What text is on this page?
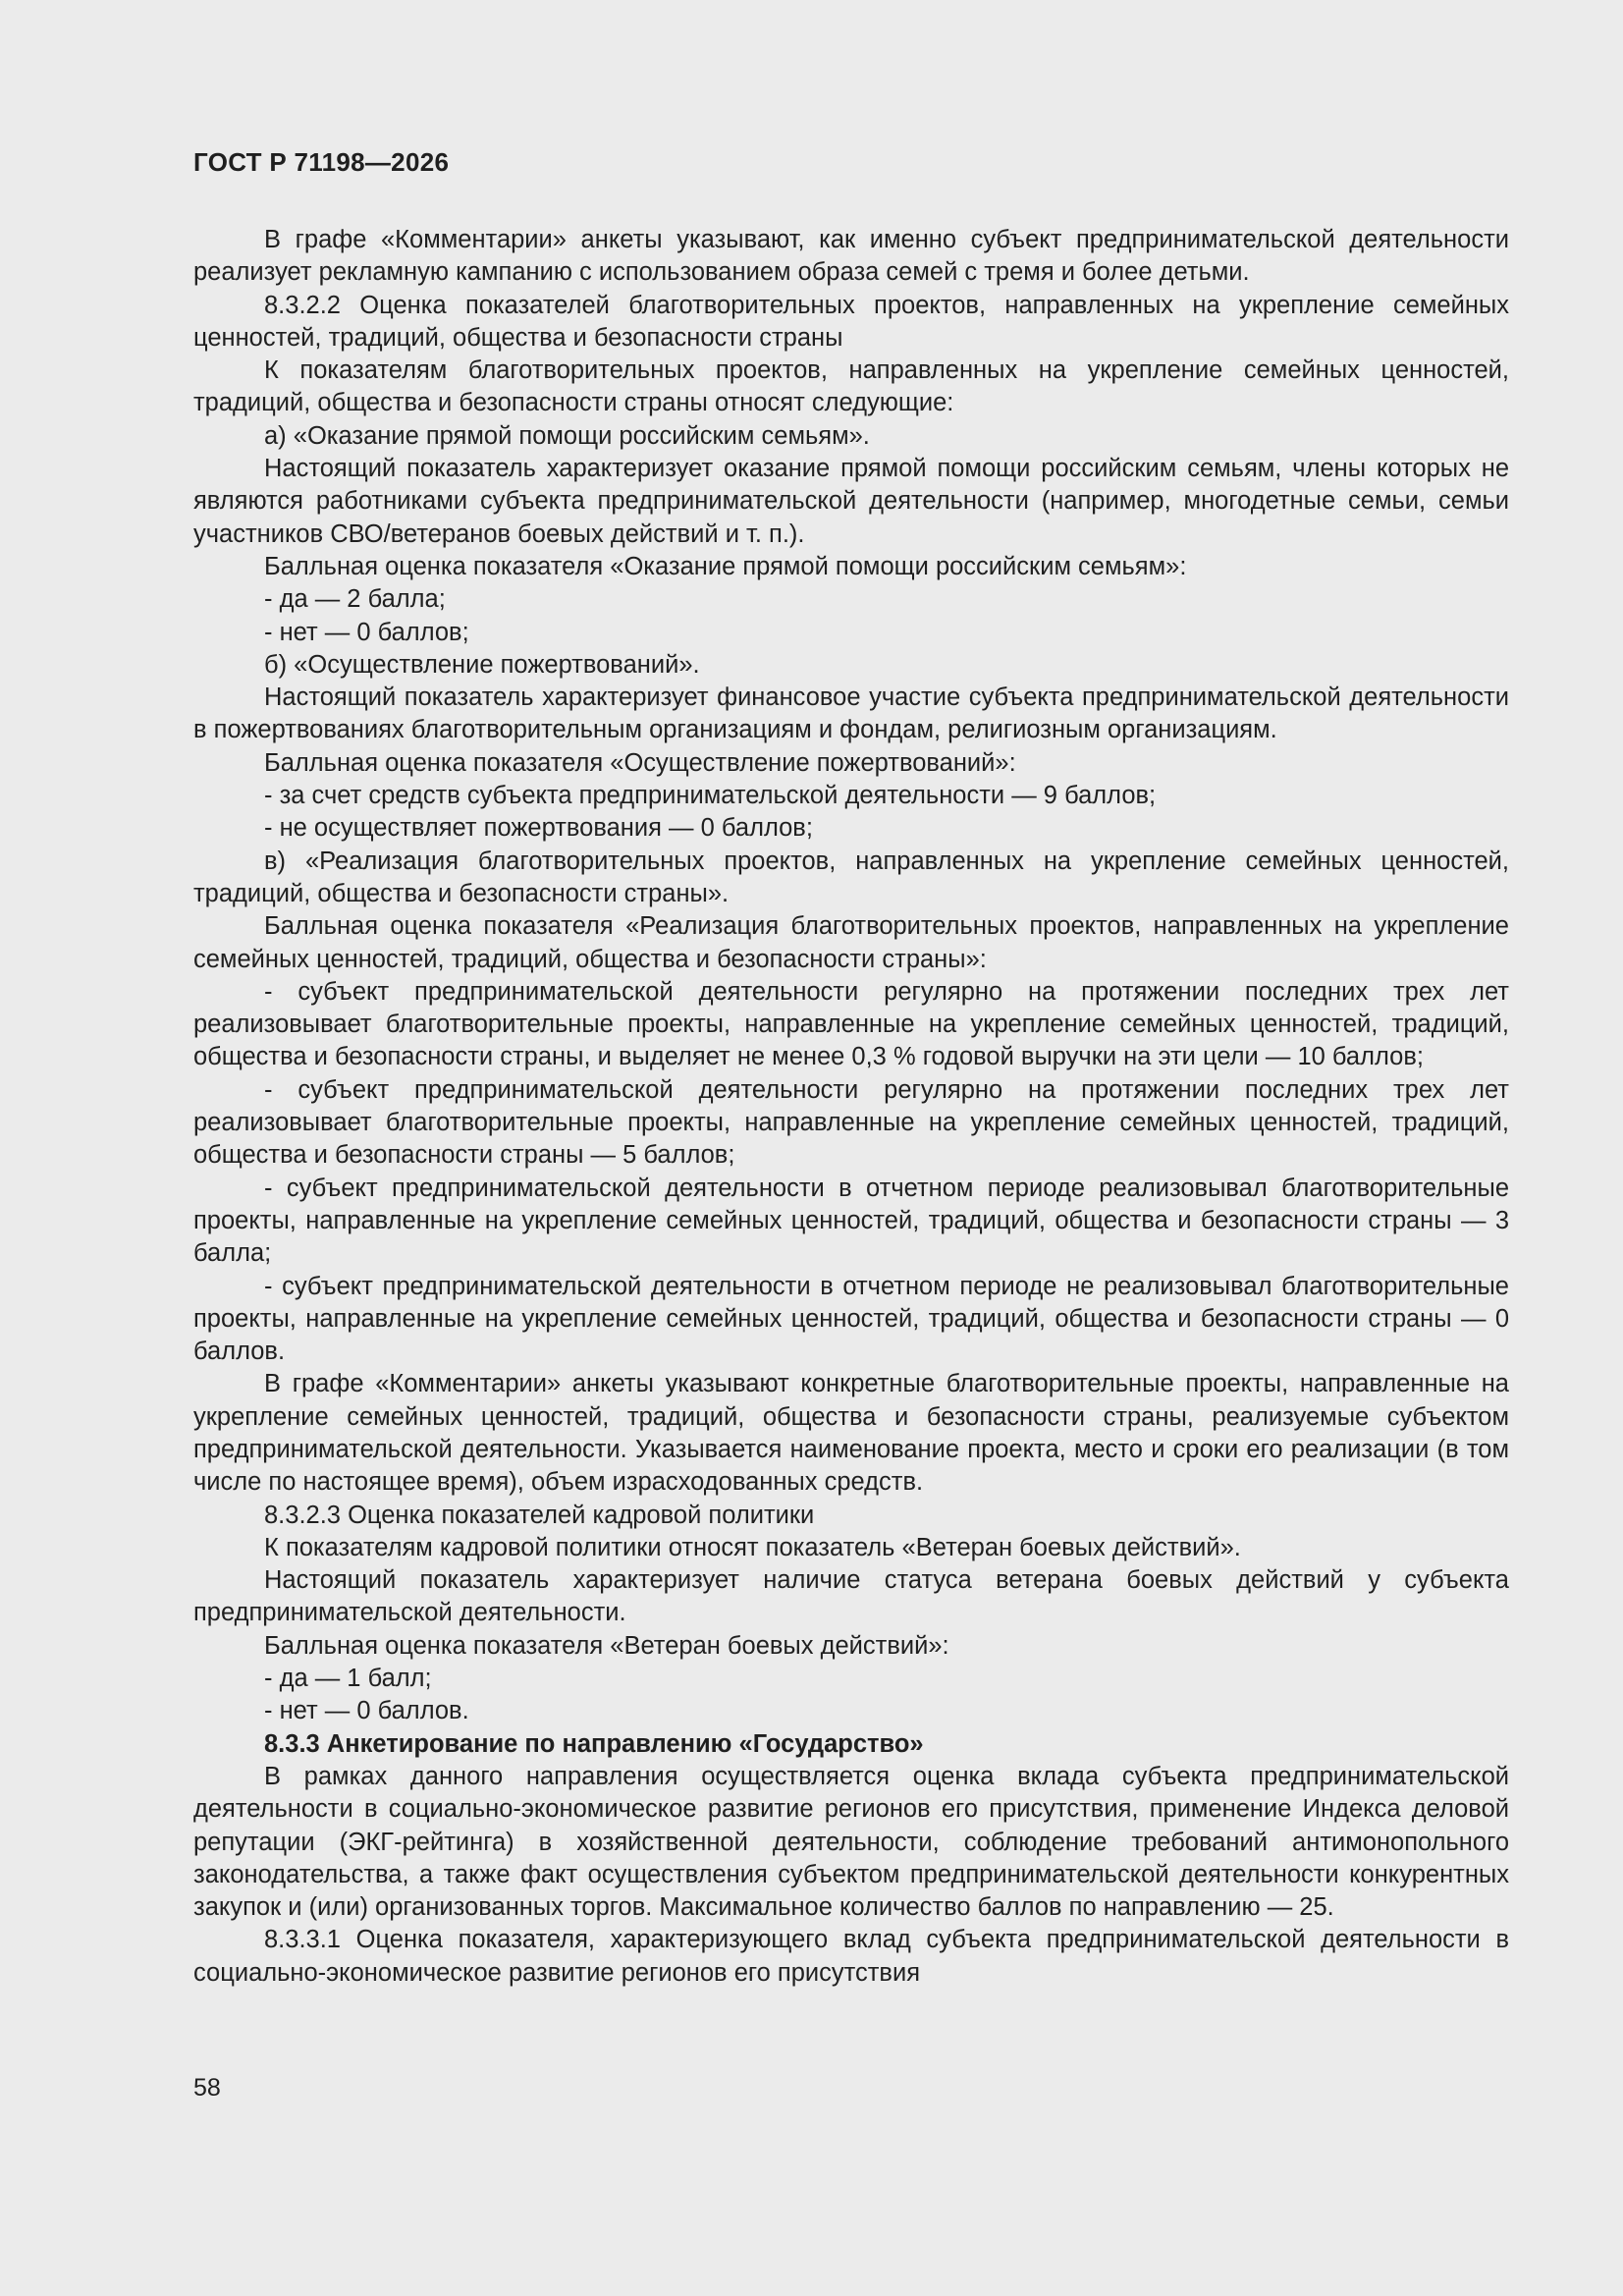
ГОСТ Р 71198—2026

В графе «Комментарии» анкеты указывают, как именно субъект предпринимательской деятельности реализует рекламную кампанию с использованием образа семей с тремя и более детьми.

8.3.2.2 Оценка показателей благотворительных проектов, направленных на укрепление семейных ценностей, традиций, общества и безопасности страны

К показателям благотворительных проектов, направленных на укрепление семейных ценностей, традиций, общества и безопасности страны относят следующие:

а) «Оказание прямой помощи российским семьям».

Настоящий показатель характеризует оказание прямой помощи российским семьям, члены которых не являются работниками субъекта предпринимательской деятельности (например, многодетные семьи, семьи участников СВО/ветеранов боевых действий и т. п.).

Балльная оценка показателя «Оказание прямой помощи российским семьям»:

- да — 2 балла;

- нет — 0 баллов;

б) «Осуществление пожертвований».

Настоящий показатель характеризует финансовое участие субъекта предпринимательской деятельности в пожертвованиях благотворительным организациям и фондам, религиозным организациям.

Балльная оценка показателя «Осуществление пожертвований»:

- за счет средств субъекта предпринимательской деятельности — 9 баллов;

- не осуществляет пожертвования — 0 баллов;

в) «Реализация благотворительных проектов, направленных на укрепление семейных ценностей, традиций, общества и безопасности страны».

Балльная оценка показателя «Реализация благотворительных проектов, направленных на укрепление семейных ценностей, традиций, общества и безопасности страны»:

- субъект предпринимательской деятельности регулярно на протяжении последних трех лет реализовывает благотворительные проекты, направленные на укрепление семейных ценностей, традиций, общества и безопасности страны, и выделяет не менее 0,3 % годовой выручки на эти цели — 10 баллов;

- субъект предпринимательской деятельности регулярно на протяжении последних трех лет реализовывает благотворительные проекты, направленные на укрепление семейных ценностей, традиций, общества и безопасности страны — 5 баллов;

- субъект предпринимательской деятельности в отчетном периоде реализовывал благотворительные проекты, направленные на укрепление семейных ценностей, традиций, общества и безопасности страны — 3 балла;

- субъект предпринимательской деятельности в отчетном периоде не реализовывал благотворительные проекты, направленные на укрепление семейных ценностей, традиций, общества и безопасности страны — 0 баллов.

В графе «Комментарии» анкеты указывают конкретные благотворительные проекты, направленные на укрепление семейных ценностей, традиций, общества и безопасности страны, реализуемые субъектом предпринимательской деятельности. Указывается наименование проекта, место и сроки его реализации (в том числе по настоящее время), объем израсходованных средств.

8.3.2.3 Оценка показателей кадровой политики

К показателям кадровой политики относят показатель «Ветеран боевых действий».

Настоящий показатель характеризует наличие статуса ветерана боевых действий у субъекта предпринимательской деятельности.

Балльная оценка показателя «Ветеран боевых действий»:

- да — 1 балл;

- нет — 0 баллов.

8.3.3 Анкетирование по направлению «Государство»

В рамках данного направления осуществляется оценка вклада субъекта предпринимательской деятельности в социально-экономическое развитие регионов его присутствия, применение Индекса деловой репутации (ЭКГ-рейтинга) в хозяйственной деятельности, соблюдение требований антимонопольного законодательства, а также факт осуществления субъектом предпринимательской деятельности конкурентных закупок и (или) организованных торгов. Максимальное количество баллов по направлению — 25.

8.3.3.1 Оценка показателя, характеризующего вклад субъекта предпринимательской деятельности в социально-экономическое развитие регионов его присутствия

58
